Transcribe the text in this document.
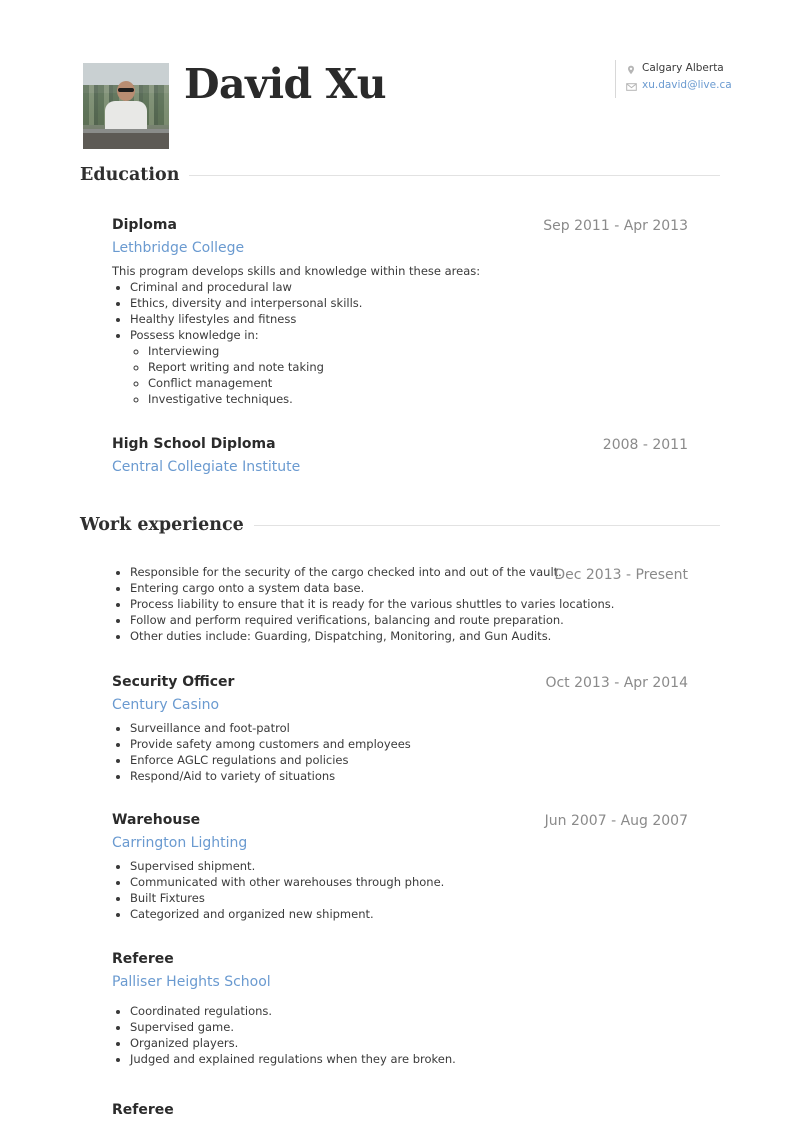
David Xu	Calgary Alberta
xu.david@live.ca
Education
Diploma	Sep 2011 - Apr 2013
Lethbridge College
This program develops skills and knowledge within these areas:
• Criminal and procedural law
• Ethics, diversity and interpersonal skills.
• Healthy lifestyles and fitness
• Possess knowledge in:
◦ Interviewing
◦ Report writing and note taking
◦ Conflict management
◦ Investigative techniques.
High School Diploma	2008 - 2011
Central Collegiate Institute
Work experience
Dec 2013 - Present
• Responsible for the security of the cargo checked into and out of the vault.
• Entering cargo onto a system data base.
• Process liability to ensure that it is ready for the various shuttles to varies locations.
• Follow and perform required verifications, balancing and route preparation.
• Other duties include: Guarding, Dispatching, Monitoring, and Gun Audits.
Security Officer	Oct 2013 - Apr 2014
Century Casino
• Surveillance and foot-patrol
• Provide safety among customers and employees
• Enforce AGLC regulations and policies
• Respond/Aid to variety of situations
Warehouse	Jun 2007 - Aug 2007
Carrington Lighting
• Supervised shipment.
• Communicated with other warehouses through phone.
• Built Fixtures
• Categorized and organized new shipment.
Referee
Palliser Heights School
• Coordinated regulations.
• Supervised game.
• Organized players.
• Judged and explained regulations when they are broken.
Referee
